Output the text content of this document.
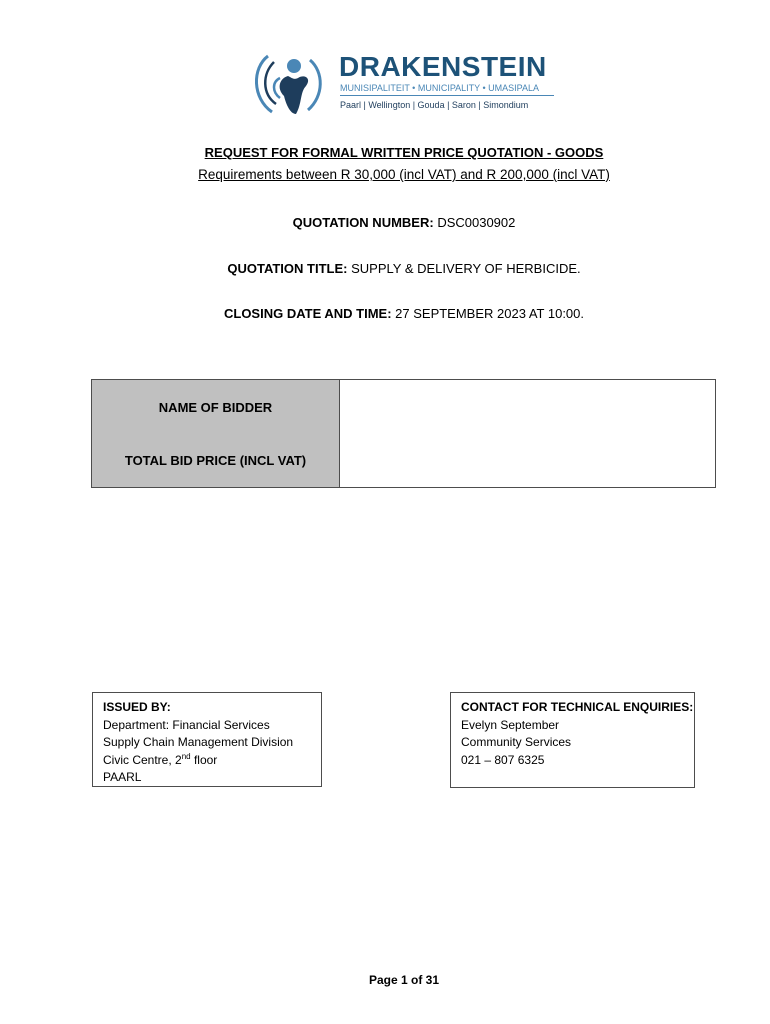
DRAKENSTEIN
MUNISIPALITEIT • MUNICIPALITY • UMASIPALA
Paarl | Wellington | Gouda | Saron | Simondium
REQUEST FOR FORMAL WRITTEN PRICE QUOTATION - GOODS
Requirements between R 30,000 (incl VAT) and R 200,000 (incl VAT)
QUOTATION NUMBER: DSC0030902
QUOTATION TITLE: SUPPLY & DELIVERY OF HERBICIDE.
CLOSING DATE AND TIME: 27 SEPTEMBER 2023 AT 10:00.
NAME OF BIDDER
TOTAL BID PRICE (INCL VAT)
ISSUED BY:
Department: Financial Services
Supply Chain Management Division
Civic Centre, 2nd floor
PAARL
CONTACT FOR TECHNICAL ENQUIRIES:
Evelyn September
Community Services
021 – 807 6325
Page 1 of 31
